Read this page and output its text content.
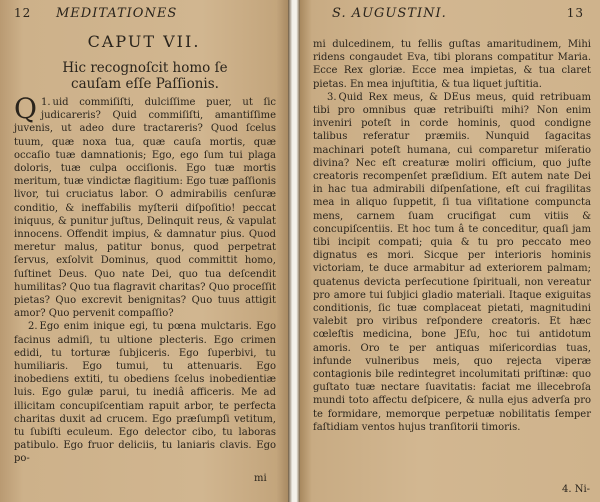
12 MEDITATIONES
CAPUT VII.
Hic recognoſcit homo ſe cauſam eſſe Paſſionis.

1.
Q uid commiſiſti, dulciſſime puer, ut ſic judicareris? Quid commiſiſti, amantiſſime juvenis, ut adeo dure tractareris? Quod ſcelus tuum, quæ noxa tua, quæ cauſa mortis, quæ occaſio tuæ damnationis; Ego, ego ſum tui plaga doloris, tuæ culpa occiſionis. Ego tuæ mortis meritum, tuæ vindictæ flagitium: Ego tuæ paſſionis livor, tui cruciatus labor. O admirabilis cenſuræ conditio, & ineffabilis myſterii diſpoſitio! peccat iniquus, & punitur juſtus, Delinquit reus, & vapulat innocens. Offendit impius, & damnatur pius. Quod meretur malus, patitur bonus, quod perpetrat ſervus, exſolvit Dominus, quod committit homo, ſuſtinet Deus. Quo nate Dei, quo tua deſcendit humilitas? Quo tua flagravit charitas? Quo proceſſit pietas? Quo excrevit benignitas? Quo tuus attigit amor? Quo pervenit compaſſio?

2. Ego enim inique egi, tu pœna mulctaris. Ego facinus admiſi, tu ultione plecteris. Ego crimen edidi, tu torturæ ſubjiceris. Ego ſuperbivi, tu humiliaris. Ego tumui, tu attenuaris. Ego inobediens extiti, tu obediens ſcelus inobedientiæ luis. Ego gulæ parui, tu inediâ afficeris. Me ad illicitam concupiſcentiam rapuit arbor, te perfecta charitas duxit ad crucem. Ego præſumpſi vetitum, tu ſubiſti eculeum. Ego delector cibo, tu laboras patibulo. Ego fruor deliciis, tu laniaris clavis. Ego po-

mi
S. AUGUSTINI.	13

mi dulcedinem, tu fellis guſtas amaritudinem, Mihi ridens congaudet Eva, tibi plorans compatitur Maria. Ecce Rex gloriæ. Ecce mea impietas, & tua claret pietas. En mea injuſtitia, & tua liquet juſtitia.

3. Quid Rex meus, & DEus meus, quid retribuam tibi pro omnibus quæ retribuiſti mihi? Non enim inveniri poteſt in corde hominis, quod condigne talibus referatur præmiis. Nunquid ſagacitas machinari poteſt humana, cui comparetur miſeratio divina? Nec eſt creaturæ moliri officium, quo juſte creatoris recompenſet præſidium. Eſt autem nate Dei in hac tua admirabili diſpenſatione, eſt cui fragilitas mea in aliquo ſuppetit, ſi tua viſitatione compuncta mens, carnem ſuam crucifigat cum vitiis & concupiſcentiis. Et hoc tum â te conceditur, quaſi jam tibi incipit compati; quia & tu pro peccato meo dignatus es mori. Sicque per interioris hominis victoriam, te duce armabitur ad exteriorem palmam; quatenus devicta perſecutione ſpirituali, non vereatur pro amore tui ſubjici gladio materiali. Itaque exiguitas conditionis, ſic tuæ complaceat pietati, magnitudini valebit pro viribus reſpondere creatoris. Et hæc cœleſtis medicina, bone JEſu, hoc tui antidotum amoris. Oro te per antiquas miſericordias tuas, infunde vulneribus meis, quo rejecta viperæ contagionis bile redintegret incolumitati priſtinæ: quo guſtato tuæ nectare ſuavitatis: faciat me illecebroſa mundi toto affectu deſpicere, & nulla ejus adverſa pro te formidare, memorque perpetuæ nobilitatis ſemper faſtidiam ventos hujus tranſitorii timoris.

4. Ni-
